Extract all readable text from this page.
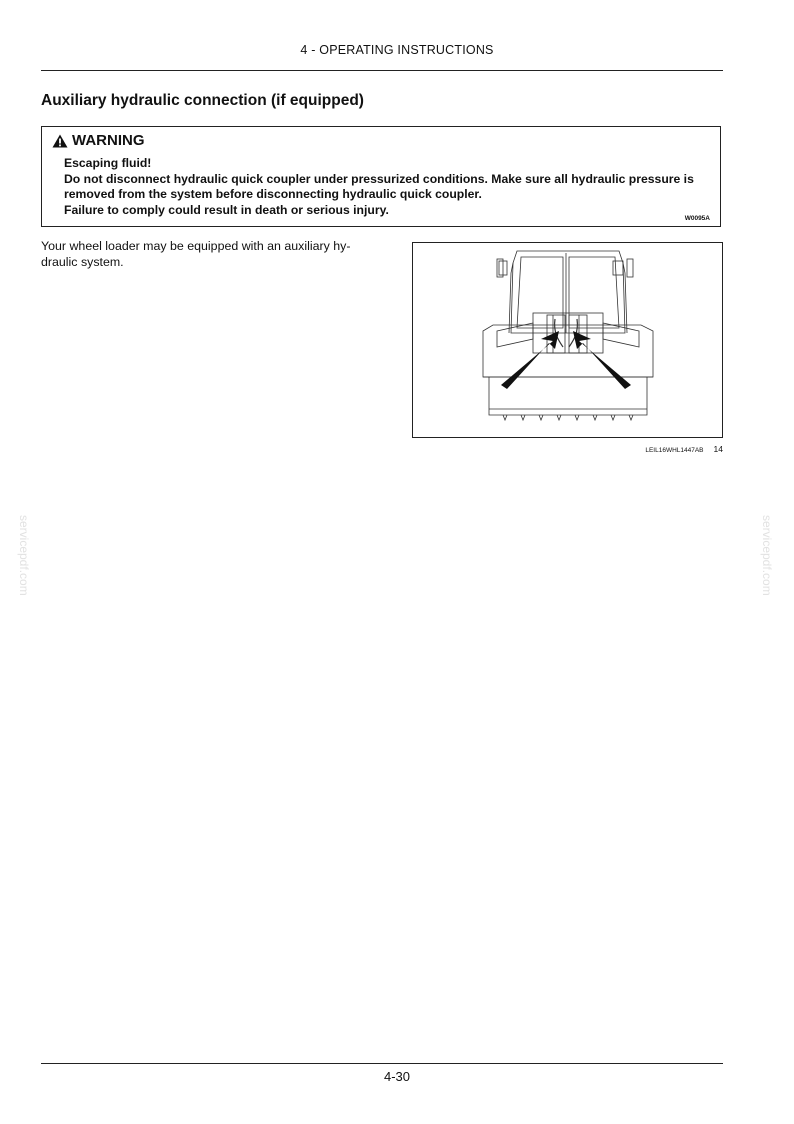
4 - OPERATING INSTRUCTIONS
Auxiliary hydraulic connection (if equipped)
WARNING

Escaping fluid!

Do not disconnect hydraulic quick coupler under pressurized conditions. Make sure all hydraulic pressure is removed from the system before disconnecting hydraulic quick coupler.

Failure to comply could result in death or serious injury.

W0095A
Your wheel loader may be equipped with an auxiliary hy-draulic system.
LEIL16WHL1447AB 14
servicepdf.com	servicepdf.com
4-30
